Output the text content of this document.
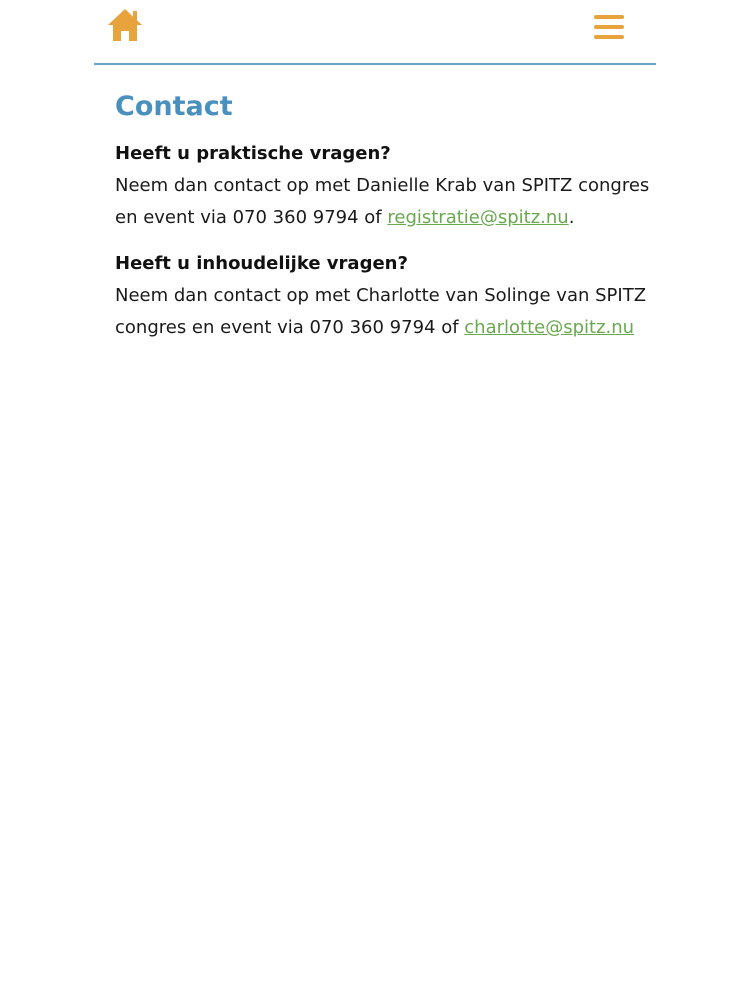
Contact

Heeft u praktische vragen?

Neem dan contact op met Danielle Krab van SPITZ congres en event via 070 360 9794 of registratie@spitz.nu.

Heeft u inhoudelijke vragen?

Neem dan contact op met Charlotte van Solinge van SPITZ congres en event via 070 360 9794 of charlotte@spitz.nu
